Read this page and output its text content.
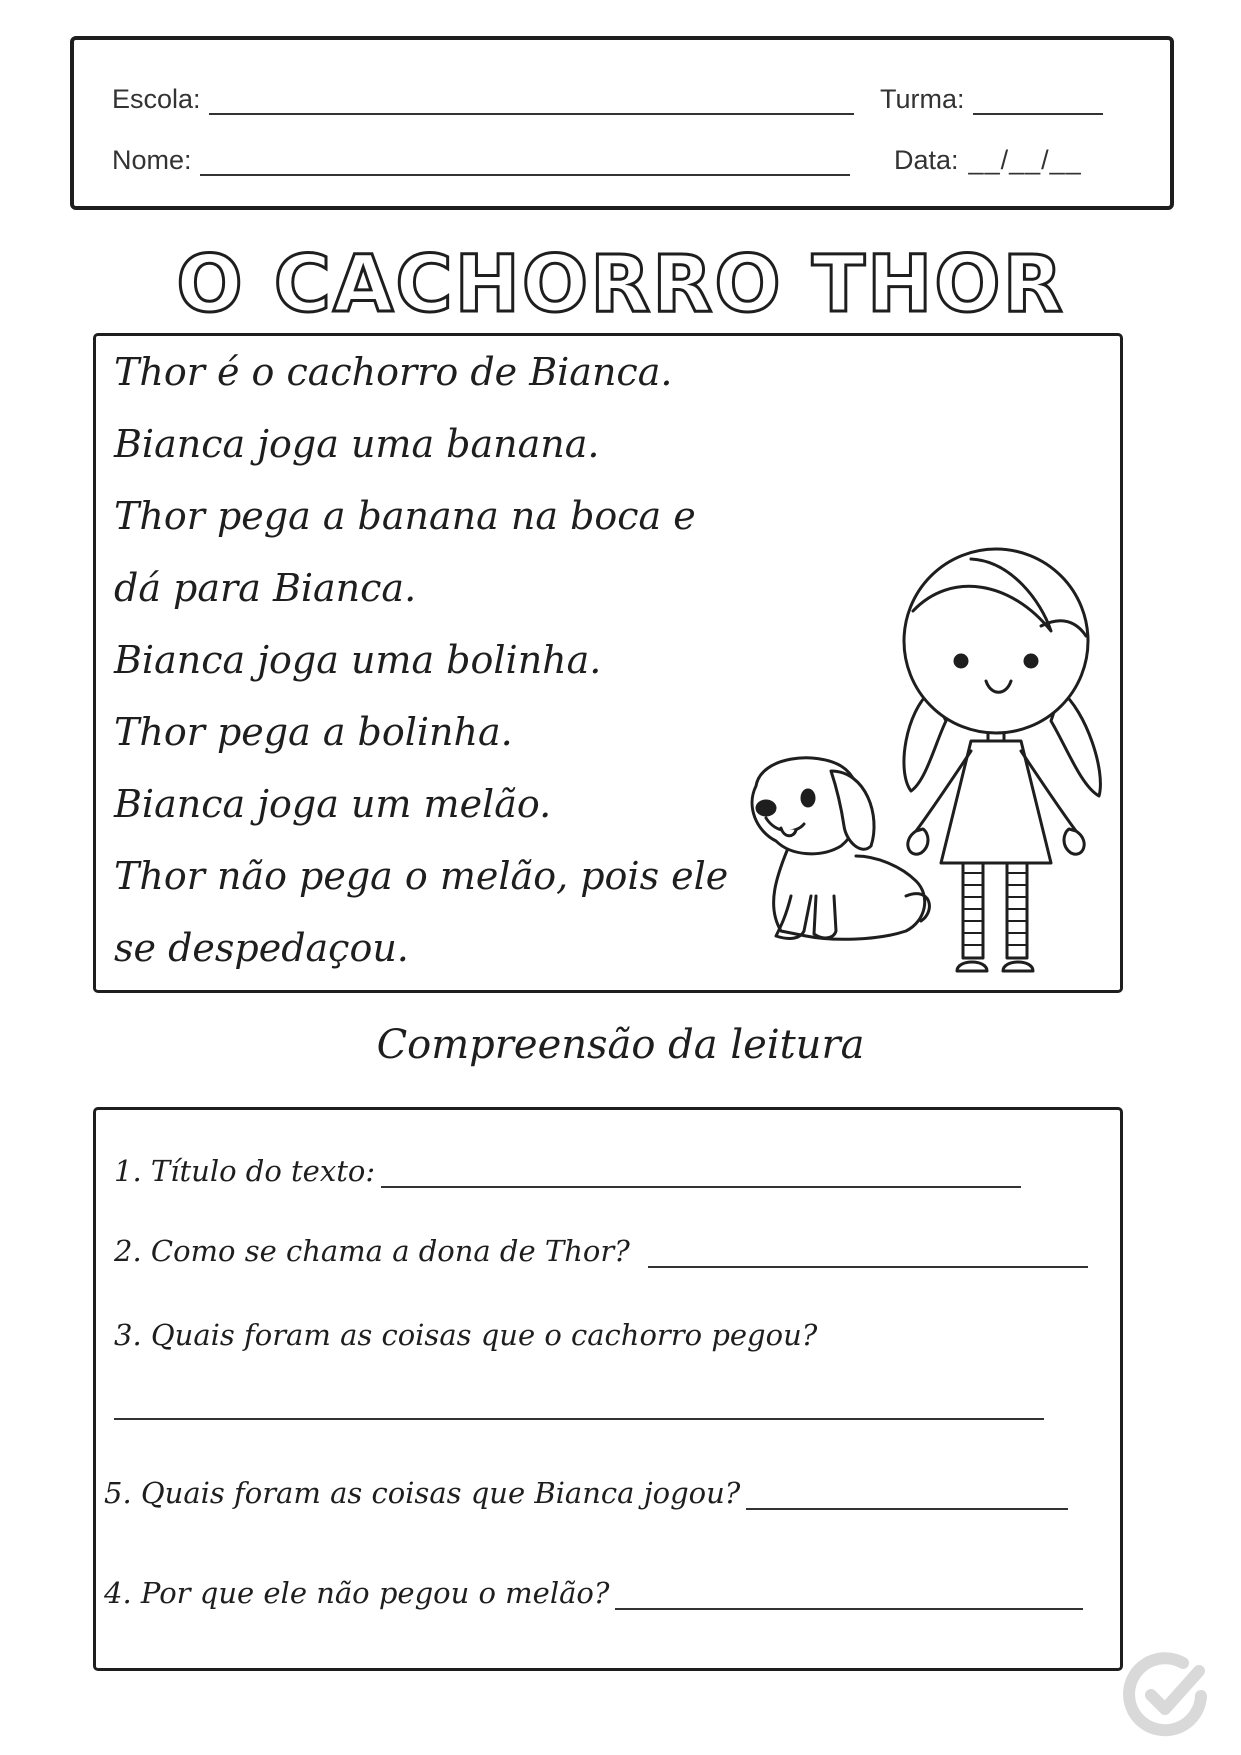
Escola:	Turma:
Nome:	Data: __/__/__
O CACHORRO THOR
Thor é o cachorro de Bianca.
Bianca joga uma banana.
Thor pega a banana na boca e
dá para Bianca.
Bianca joga uma bolinha.
Thor pega a bolinha.
Bianca joga um melão.
Thor não pega o melão, pois ele
se despedaçou.
Compreensão da leitura
1. Título do texto:
2. Como se chama a dona de Thor?
3. Quais foram as coisas que o cachorro pegou?
5. Quais foram as coisas que Bianca jogou?
4. Por que ele não pegou o melão?
